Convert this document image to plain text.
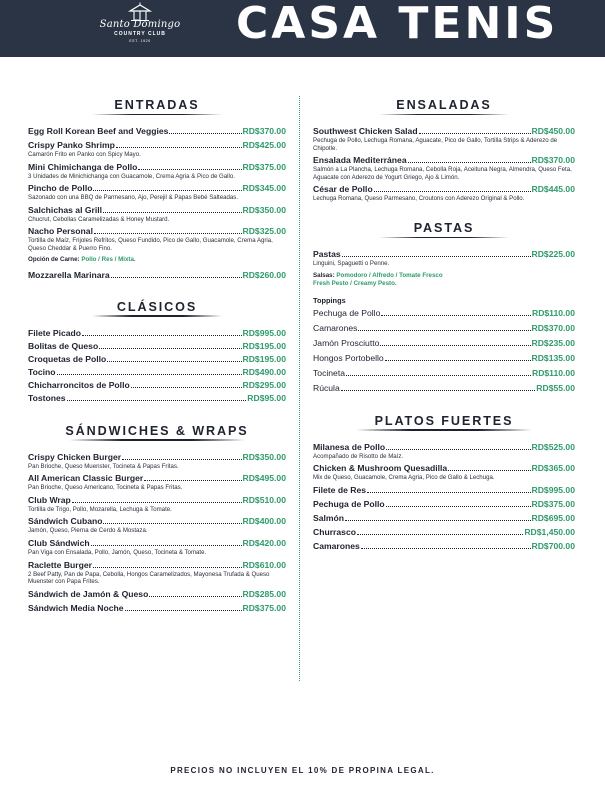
Santo Domingo
COUNTRY CLUB
EST. 1920	CASA TENIS
ENTRADAS
Egg Roll Korean Beef and Veggies	RD$370.00
Crispy Panko Shrimp	RD$425.00
Camarón Frito en Panko con Spicy Mayo.
Mini Chimichanga de Pollo	RD$375.00
3 Unidades de Minichichanga con Guacamole, Crema Agria & Pico de Gallo.
Pincho de Pollo	RD$345.00
Sazonado con una BBQ de Parmesano, Ajo, Perejil & Papas Bebé Salteadas.
Salchichas al Grill	RD$350.00
Chucrut, Cebollas Caramelizadas & Honey Mustard.
Nacho Personal	RD$325.00
Tortilla de Maíz, Frijoles Refritos, Queso Fundido, Pico de Gallo, Guacamole, Crema Agria, Queso Cheddar & Puerro Fino.
Opción de Carne: Pollo / Res / Mixta.
Mozzarella Marinara	RD$260.00
CLÁSICOS
Filete Picado	RD$995.00
Bolitas de Queso	RD$195.00
Croquetas de Pollo	RD$195.00
Tocino	RD$490.00
Chicharroncitos de Pollo	RD$295.00
Tostones	RD$95.00
SÁNDWICHES & WRAPS
Crispy Chicken Burger	RD$350.00
Pan Brioche, Queso Muenster, Tocineta & Papas Fritas.
All American Classic Burger	RD$495.00
Pan Brioche, Queso Americano, Tocineta & Papas Fritas.
Club Wrap	RD$510.00
Tortilla de Trigo, Pollo, Mozarella, Lechuga & Tomate.
Sándwich Cubano	RD$400.00
Jamón, Queso, Pierna de Cerdo & Mostaza.
Club Sándwich	RD$420.00
Pan Viga con Ensalada, Pollo, Jamón, Queso, Tocineta & Tomate.
Raclette Burger	RD$610.00
2 Beef Patty, Pan de Papa, Cebolla, Hongos Caramelizados, Mayonesa Trufada & Queso Muenster con Papa Frites.
Sándwich de Jamón & Queso	RD$285.00
Sándwich Media Noche	RD$375.00
ENSALADAS
Southwest Chicken Salad	RD$450.00
Pechuga de Pollo, Lechuga Romana, Aguacate, Pico de Gallo, Tortilla Strips & Aderezo de Chipotle.
Ensalada Mediterránea	RD$370.00
Salmón a La Plancha, Lechuga Romana, Cebolla Roja, Aceituna Negra, Almendra, Queso Feta, Aguacate con Aderezo de Yogurt Griego, Ajo & Limón.
César de Pollo	RD$445.00
Lechuga Romana, Queso Parmesano, Croutons con Aderezo Original & Pollo.
PASTAS
Pastas	RD$225.00
Linguini, Spaguetti o Penne.
Salsas: Pomodoro / Alfredo / Tomate Fresco
Fresh Pesto / Creamy Pesto.
Toppings
Pechuga de Pollo	RD$110.00
Camarones	RD$370.00
Jamón Prosciutto	RD$235.00
Hongos Portobello	RD$135.00
Tocineta	RD$110.00
Rúcula	RD$55.00
PLATOS FUERTES
Milanesa de Pollo	RD$525.00
Acompañado de Risotto de Maíz.
Chicken & Mushroom Quesadilla	RD$365.00
Mix de Queso, Guacamole, Crema Agria, Pico de Gallo & Lechuga.
Filete de Res	RD$995.00
Pechuga de Pollo	RD$375.00
Salmón	RD$695.00
Churrasco	RD$1,450.00
Camarones	RD$700.00
PRECIOS NO INCLUYEN EL 10% DE PROPINA LEGAL.
